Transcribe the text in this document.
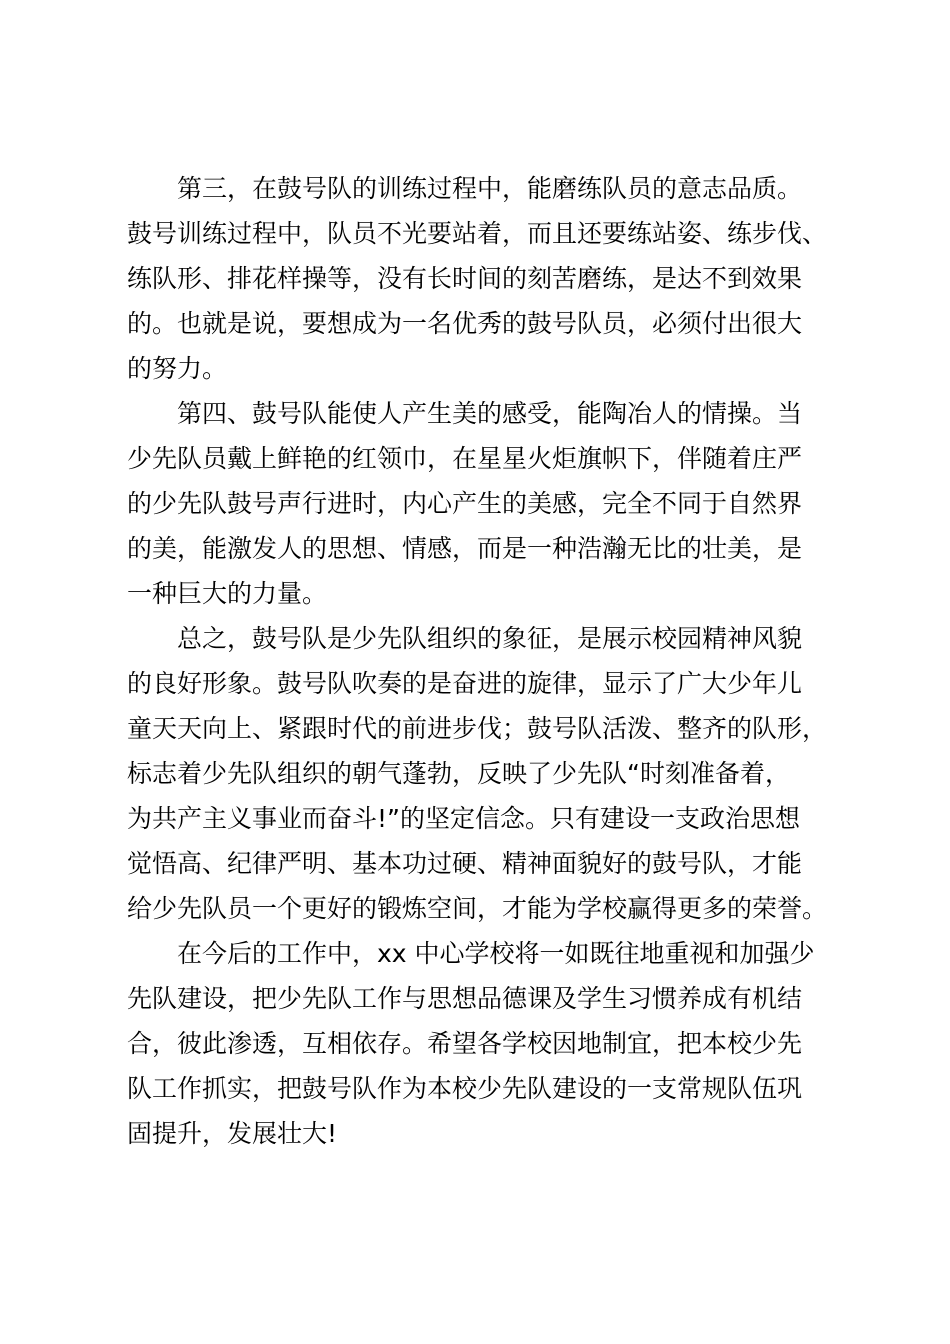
第三，在鼓号队的训练过程中，能磨练队员的意志品质。
鼓号训练过程中，队员不光要站着，而且还要练站姿、练步伐、
练队形、排花样操等，没有长时间的刻苦磨练，是达不到效果
的。也就是说，要想成为一名优秀的鼓号队员，必须付出很大
的努力。
第四、鼓号队能使人产生美的感受，能陶冶人的情操。当
少先队员戴上鲜艳的红领巾，在星星火炬旗帜下，伴随着庄严
的少先队鼓号声行进时，内心产生的美感，完全不同于自然界
的美，能激发人的思想、情感，而是一种浩瀚无比的壮美，是
一种巨大的力量。
总之，鼓号队是少先队组织的象征，是展示校园精神风貌
的良好形象。鼓号队吹奏的是奋进的旋律，显示了广大少年儿
童天天向上、紧跟时代的前进步伐；鼓号队活泼、整齐的队形，
标志着少先队组织的朝气蓬勃，反映了少先队“时刻准备着，
为共产主义事业而奋斗!”的坚定信念。只有建设一支政治思想
觉悟高、纪律严明、基本功过硬、精神面貌好的鼓号队，才能
给少先队员一个更好的锻炼空间，才能为学校赢得更多的荣誉。
在今后的工作中，xx 中心学校将一如既往地重视和加强少
先队建设，把少先队工作与思想品德课及学生习惯养成有机结
合，彼此渗透，互相依存。希望各学校因地制宜，把本校少先
队工作抓实，把鼓号队作为本校少先队建设的一支常规队伍巩
固提升，发展壮大!
